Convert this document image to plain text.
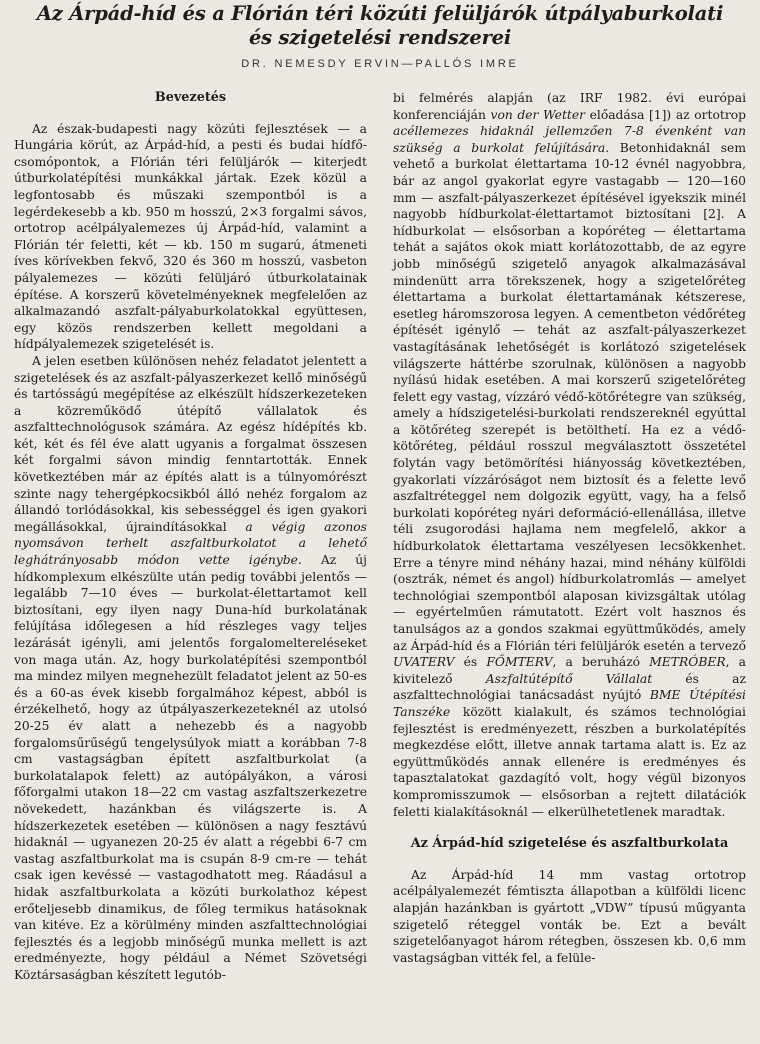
Az Árpád-híd és a Flórián téri közúti felüljárók útpályaburkolati
és szigetelési rendszerei
DR. NEMESDY ERVIN—PALLÓS IMRE
Bevezetés

Az észak-budapesti nagy közúti fejlesztések — a Hungária körút, az Árpád-híd, a pesti és budai hídfő-csomópontok, a Flórián téri felüljárók — kiterjedt útburkolatépítési munkákkal jártak. Ezek közül a legfontosabb és műszaki szempontból is a legérdekesebb a kb. 950 m hosszú, 2×3 forgalmi sávos, ortotrop acélpályalemezes új Árpád-híd, valamint a Flórián tér feletti, két — kb. 150 m sugarú, átmeneti íves körívekben fekvő, 320 és 360 m hosszú, vasbeton pályalemezes — közúti felüljáró útburkolatainak építése. A korszerű követelményeknek megfelelően az alkalmazandó aszfalt-pályaburkolatokkal együttesen, egy közös rendszerben kellett megoldani a hídpályalemezek szigetelését is.

A jelen esetben különösen nehéz feladatot jelentett a szigetelések és az aszfalt-pályaszerkezet kellő minőségű és tartósságú megépítése az elkészült hídszerkezeteken a közreműködő útépítő vállalatok és aszfalttechnológusok számára. Az egész hídépítés kb. két, két és fél éve alatt ugyanis a forgalmat összesen két forgalmi sávon mindig fenntartották. Ennek következtében már az építés alatt is a túlnyomórészt szinte nagy tehergépkocsikból álló nehéz forgalom az állandó torlódásokkal, kis sebességgel és igen gyakori megállásokkal, újraindításokkal a végig azonos nyomsávon terhelt aszfaltburkolatot a lehető leghátrányosabb módon vette igénybe. Az új hídkomplexum elkészülte után pedig további jelentős — legalább 7—10 éves — burkolat-élettartamot kell biztosítani, egy ilyen nagy Duna-híd burkolatának felújítása időlegesen a híd részleges vagy teljes lezárását igényli, ami jelentős forgalomeltereléseket von maga után. Az, hogy burkolatépítési szempontból ma mindez milyen megnehezült feladatot jelent az 50-es és a 60-as évek kisebb forgalmához képest, abból is érzékelhető, hogy az útpályaszerkezeteknél az utolsó 20-25 év alatt a nehezebb és a nagyobb forgalomsűrűségű tengelysúlyok miatt a korábban 7-8 cm vastagságban épített aszfaltburkolat (a burkolatalapok felett) az autópályákon, a városi főforgalmi utakon 18—22 cm vastag aszfaltszerkezetre növekedett, hazánkban és világszerte is. A hídszerkezetek esetében — különösen a nagy fesztávú hidaknál — ugyanezen 20-25 év alatt a régebbi 6-7 cm vastag aszfaltburkolat ma is csupán 8-9 cm-re — tehát csak igen kevéssé — vastagodhatott meg. Ráadásul a hidak aszfaltburkolata a közúti burkolathoz képest erőteljesebb dinamikus, de főleg termikus hatásoknak van kitéve. Ez a körülmény minden aszfalttechnológiai fejlesztés és a legjobb minőségű munka mellett is azt eredményezte, hogy például a Német Szövetségi Köztársaságban készített legutób-

bi felmérés alapján (az IRF 1982. évi európai konferenciáján von der Wetter előadása [1]) az ortotrop acéllemezes hidaknál jellemzően 7-8 évenként van szükség a burkolat felújítására. Betonhidaknál sem vehető a burkolat élettartama 10-12 évnél nagyobbra, bár az angol gyakorlat egyre vastagabb — 120—160 mm — aszfalt-pályaszerkezet építésével igyekszik minél nagyobb hídburkolat-élettartamot biztosítani [2]. A hídburkolat — elsősorban a kopóréteg — élettartama tehát a sajátos okok miatt korlátozottabb, de az egyre jobb minőségű szigetelő anyagok alkalmazásával mindenütt arra törekszenek, hogy a szigetelőréteg élettartama a burkolat élettartamának kétszerese, esetleg háromszorosa legyen. A cementbeton védőréteg építését igénylő — tehát az aszfalt-pályaszerkezet vastagításának lehetőségét is korlátozó szigetelések világszerte háttérbe szorulnak, különösen a nagyobb nyílású hidak esetében. A mai korszerű szigetelőréteg felett egy vastag, vízzáró védő-kötőrétegre van szükség, amely a hídszigetelési-burkolati rendszereknél egyúttal a kötőréteg szerepét is betölthetí. Ha ez a védő-kötőréteg, például rosszul megválasztott összetétel folytán vagy betömörítési hiányosság következtében, gyakorlati vízzáróságot nem biztosít és a felette levő aszfaltréteggel nem dolgozik együtt, vagy, ha a felső burkolati kopóréteg nyári deformáció-ellenállása, illetve téli zsugorodási hajlama nem megfelelő, akkor a hídburkolatok élettartama veszélyesen lecsökkenhet. Erre a tényre mind néhány hazai, mind néhány külföldi (osztrák, német és angol) hídburkolatromlás — amelyet technológiai szempontból alaposan kivizsgáltak utólag — egyértelműen rámutatott. Ezért volt hasznos és tanulságos az a gondos szakmai együttműködés, amely az Árpád-híd és a Flórián téri felüljárók esetén a tervező UVATERV és FŐMTERV, a beruházó METRÓBER, a kivitelező Aszfaltútépítő Vállalat és az aszfalttechnológiai tanácsadást nyújtó BME Útépítési Tanszéke között kialakult, és számos technológiai fejlesztést is eredményezett, részben a burkolatépítés megkezdése előtt, illetve annak tartama alatt is. Ez az együttműködés annak ellenére is eredményes és tapasztalatokat gazdagító volt, hogy végül bizonyos kompromisszumok — elsősorban a rejtett dilatációk feletti kialakításoknál — elkerülhetetlenek maradtak.

Az Árpád-híd szigetelése és aszfaltburkolata

Az Árpád-híd 14 mm vastag ortotrop acélpályalemezét fémtiszta állapotban a külföldi licenc alapján hazánkban is gyártott „VDW” típusú műgyanta szigetelő réteggel vonták be. Ezt a bevált szigetelőanyagot három rétegben, összesen kb. 0,6 mm vastagságban vitték fel, a felüle-
